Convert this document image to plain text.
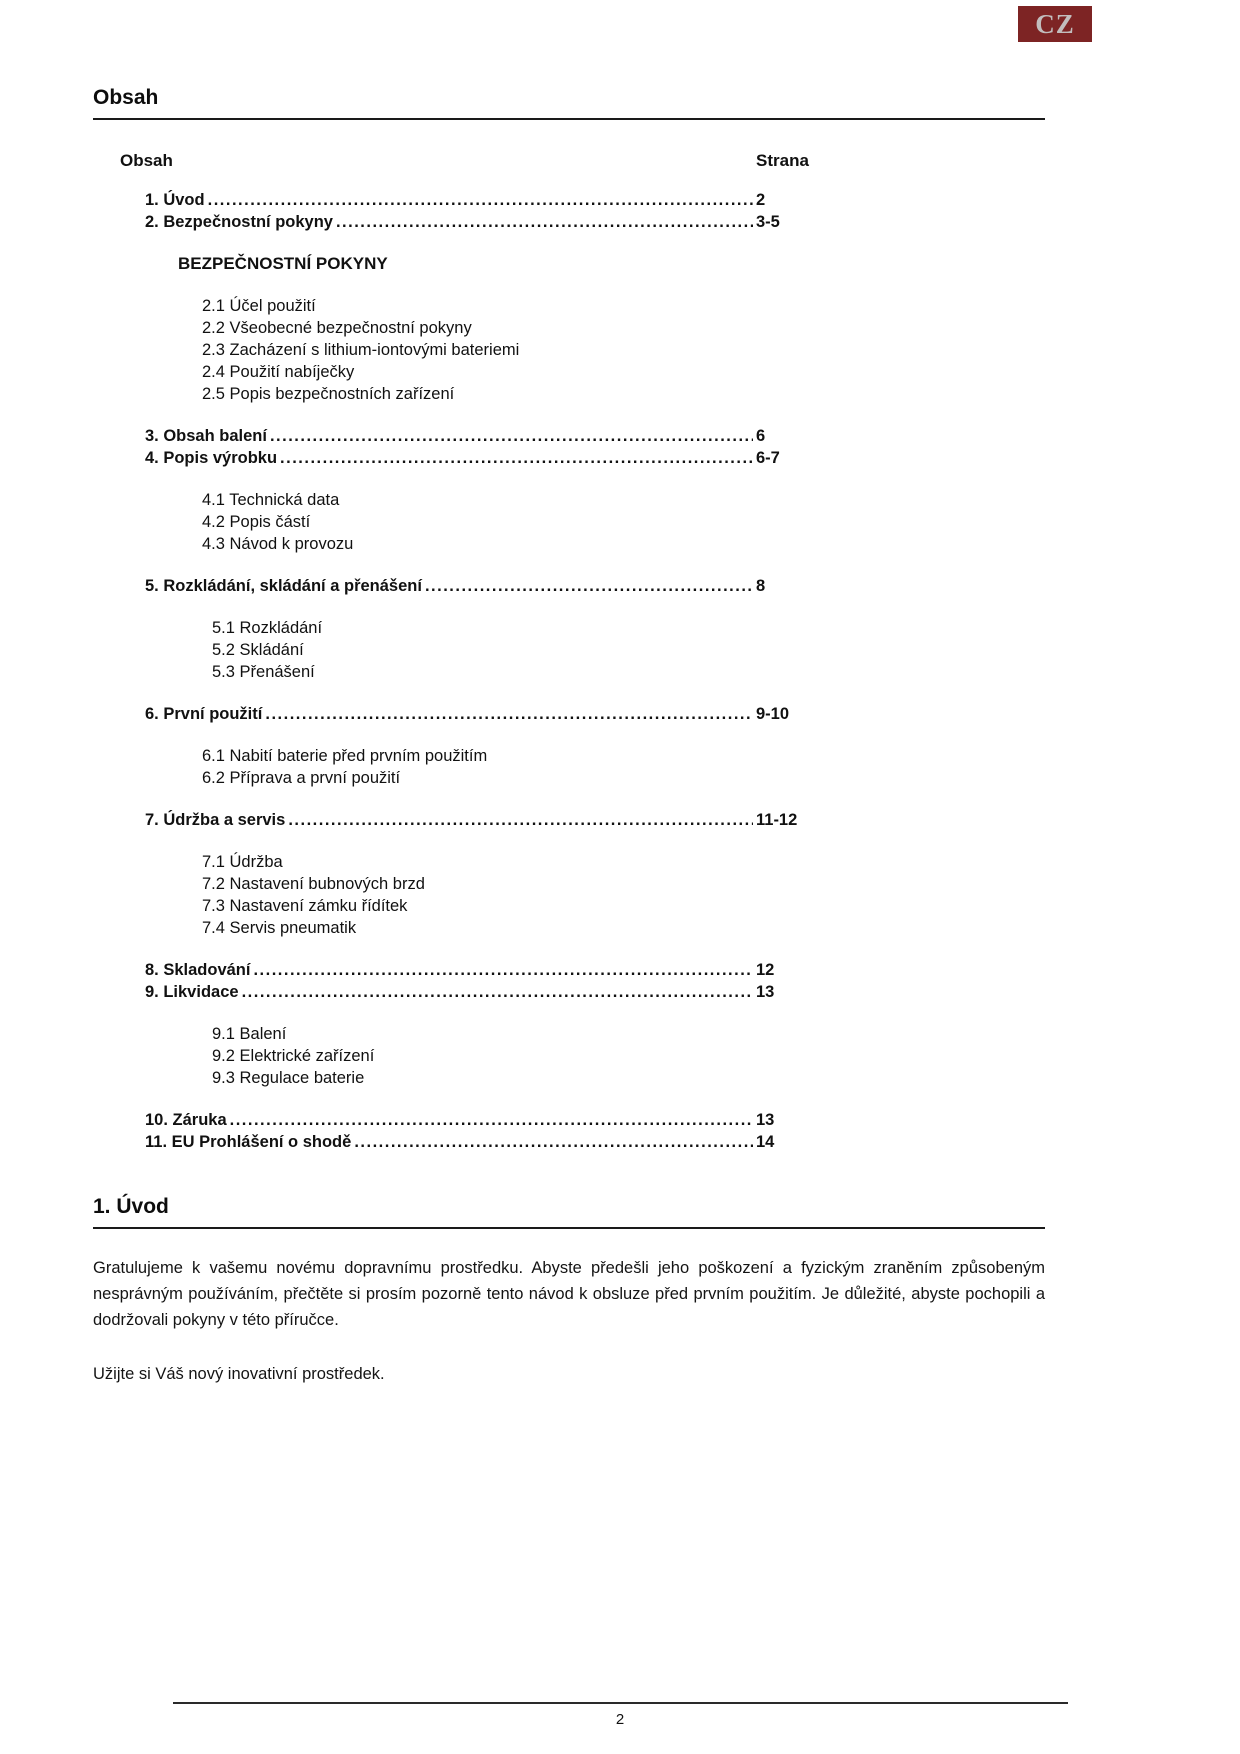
CZ
Obsah
Obsah	Strana
1. Úvod .....	2
2. Bezpečnostní pokyny .....	3-5
BEZPEČNOSTNÍ POKYNY
2.1 Účel použití
2.2 Všeobecné bezpečnostní pokyny
2.3 Zacházení s lithium-iontovými bateriemi
2.4 Použití nabíječky
2.5 Popis bezpečnostních zařízení
3. Obsah balení .....	6
4. Popis výrobku .....	6-7
4.1 Technická data
4.2 Popis částí
4.3 Návod k provozu
5. Rozkládání, skládání a přenášení .....	8
5.1 Rozkládání
5.2 Skládání
5.3 Přenášení
6. První použití .....	9-10
6.1 Nabití baterie před prvním použitím
6.2 Příprava a první použití
7. Údržba a servis .....	11-12
7.1 Údržba
7.2 Nastavení bubnových brzd
7.3 Nastavení zámku řídítek
7.4 Servis pneumatik
8. Skladování .....	12
9. Likvidace .....	13
9.1 Balení
9.2 Elektrické zařízení
9.3 Regulace baterie
10. Záruka .....	13
11. EU Prohlášení o shodě .....	14
1. Úvod

Gratulujeme k vašemu novému dopravnímu prostředku. Abyste předešli jeho poškození a fyzickým zraněním způsobeným nesprávným používáním, přečtěte si prosím pozorně tento návod k obsluze před prvním použitím. Je důležité, abyste pochopili a dodržovali pokyny v této příručce.

Užijte si Váš nový inovativní prostředek.

2
